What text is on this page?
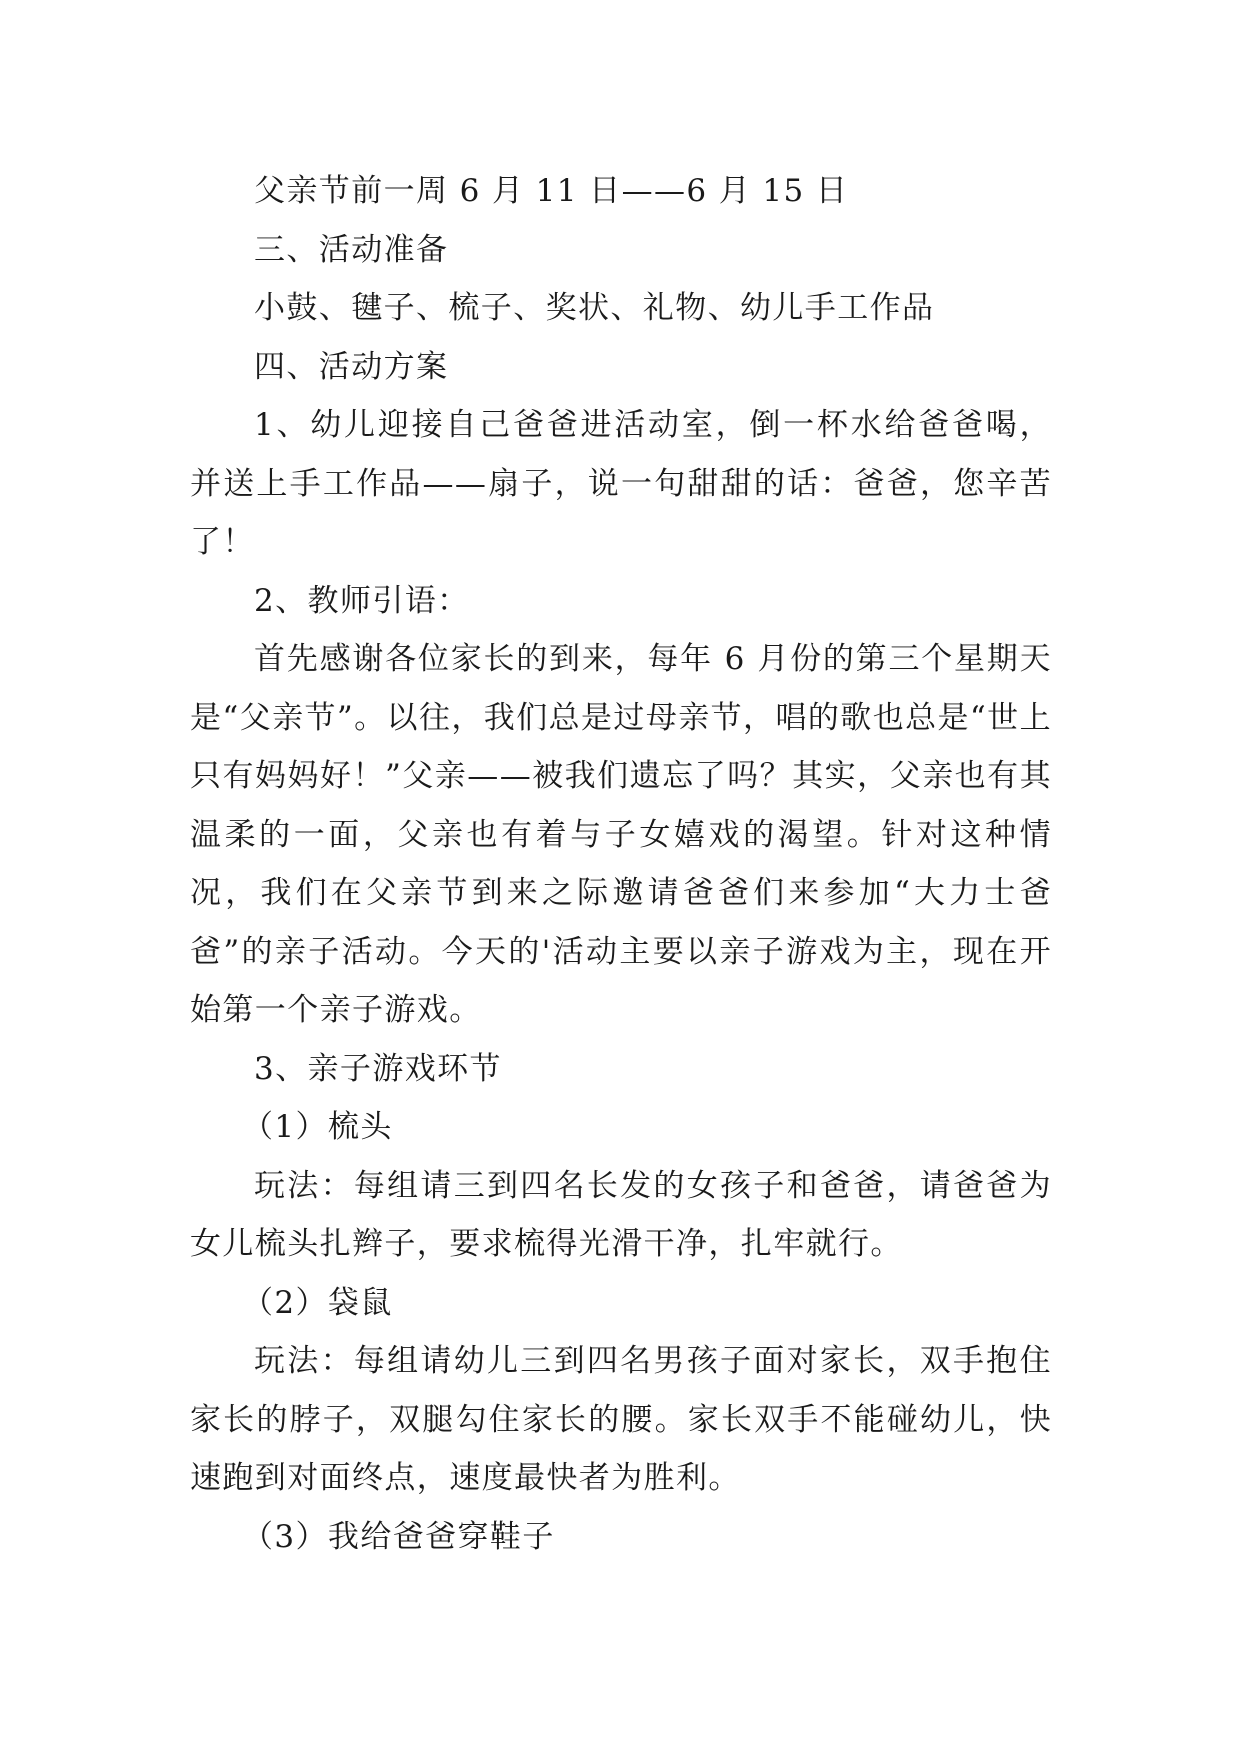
父亲节前一周 6 月 11 日——6 月 15 日

三、活动准备

小鼓、毽子、梳子、奖状、礼物、幼儿手工作品

四、活动方案

1、幼儿迎接自己爸爸进活动室，倒一杯水给爸爸喝，并送上手工作品——扇子，说一句甜甜的话：爸爸，您辛苦了！

2、教师引语：

首先感谢各位家长的到来，每年 6 月份的第三个星期天是“父亲节”。以往，我们总是过母亲节，唱的歌也总是“世上只有妈妈好！”父亲——被我们遗忘了吗？其实，父亲也有其温柔的一面，父亲也有着与子女嬉戏的渴望。针对这种情况，我们在父亲节到来之际邀请爸爸们来参加“大力士爸爸”的亲子活动。今天的'活动主要以亲子游戏为主，现在开始第一个亲子游戏。

3、亲子游戏环节

（1）梳头

玩法：每组请三到四名长发的女孩子和爸爸，请爸爸为女儿梳头扎辫子，要求梳得光滑干净，扎牢就行。

（2）袋鼠

玩法：每组请幼儿三到四名男孩子面对家长，双手抱住家长的脖子，双腿勾住家长的腰。家长双手不能碰幼儿，快速跑到对面终点，速度最快者为胜利。

（3）我给爸爸穿鞋子
